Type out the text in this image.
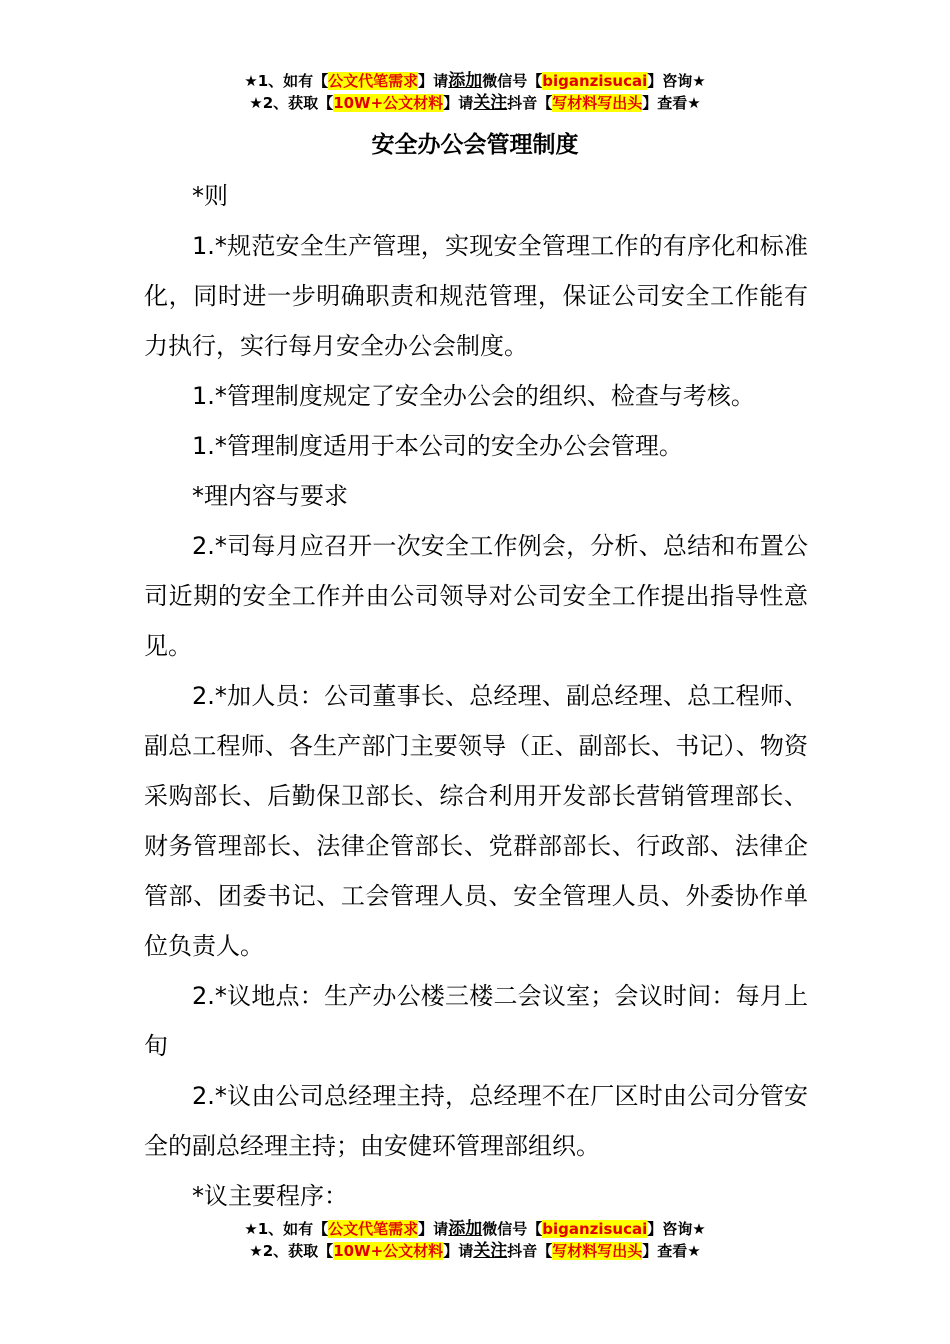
★1、如有【公文代笔需求】请添加微信号【biganzisucai】咨询★
★2、获取【10W+公文材料】请关注抖音【写材料写出头】查看★
安全办公会管理制度

*则

1.*规范安全生产管理，实现安全管理工作的有序化和标准化，同时进一步明确职责和规范管理，保证公司安全工作能有力执行，实行每月安全办公会制度。

1.*管理制度规定了安全办公会的组织、检查与考核。

1.*管理制度适用于本公司的安全办公会管理。

*理内容与要求

2.*司每月应召开一次安全工作例会，分析、总结和布置公司近期的安全工作并由公司领导对公司安全工作提出指导性意见。

2.*加人员：公司董事长、总经理、副总经理、总工程师、副总工程师、各生产部门主要领导（正、副部长、书记）、物资采购部长、后勤保卫部长、综合利用开发部长营销管理部长、财务管理部长、法律企管部长、党群部部长、行政部、法律企管部、团委书记、工会管理人员、安全管理人员、外委协作单位负责人。

2.*议地点：生产办公楼三楼二会议室；会议时间：每月上旬

2.*议由公司总经理主持，总经理不在厂区时由公司分管安全的副总经理主持；由安健环管理部组织。

*议主要程序：

★1、如有【公文代笔需求】请添加微信号【biganzisucai】咨询★
★2、获取【10W+公文材料】请关注抖音【写材料写出头】查看★
